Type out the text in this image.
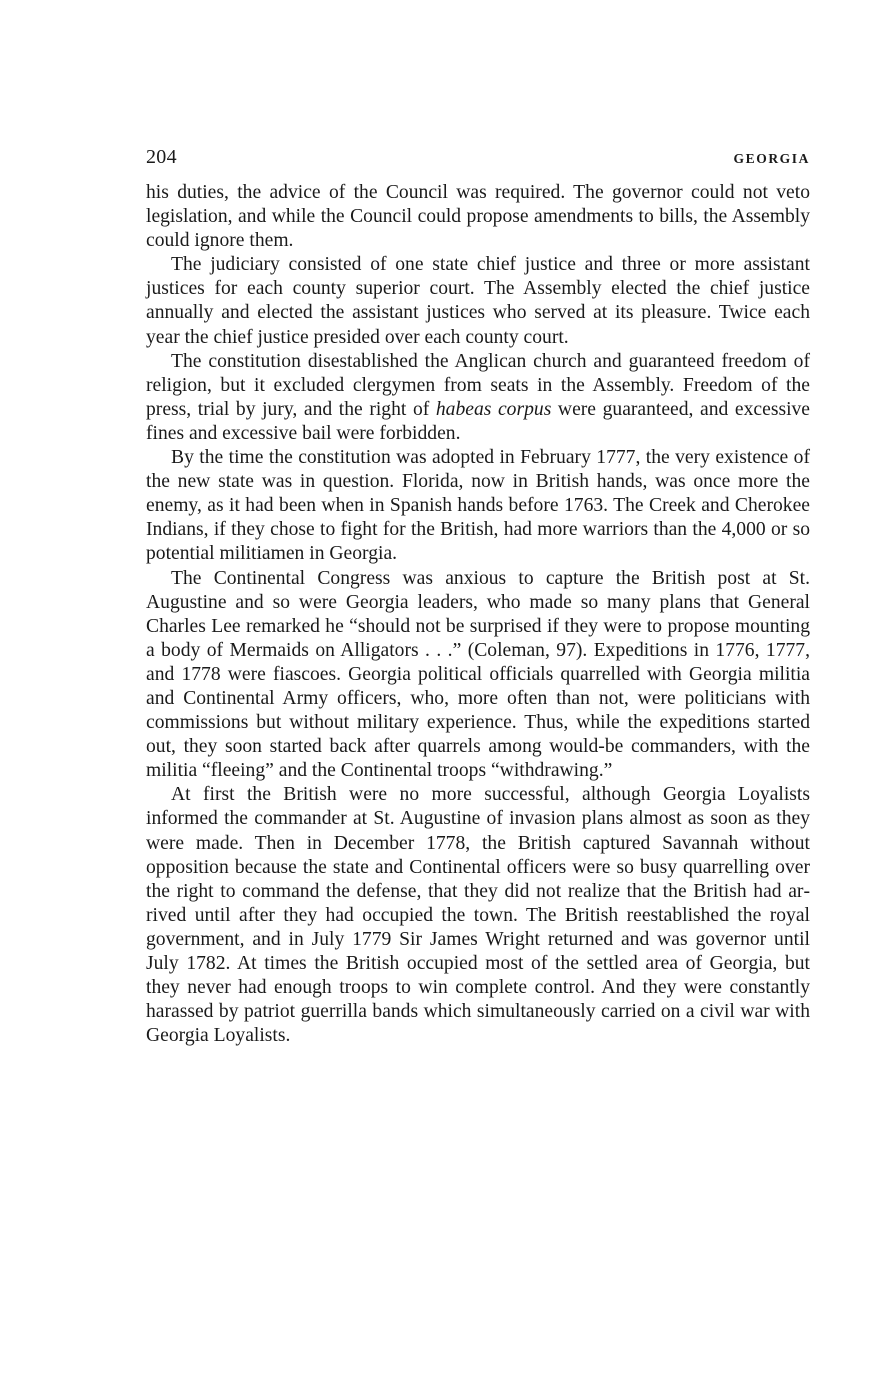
204	GEORGIA

his duties, the advice of the Council was required. The governor could not veto legislation, and while the Council could propose amendments to bills, the Assembly could ignore them.

The judiciary consisted of one state chief justice and three or more assistant justices for each county superior court. The Assembly elected the chief justice annually and elected the assistant justices who served at its pleasure. Twice each year the chief justice presided over each county court.

The constitution disestablished the Anglican church and guaranteed freedom of religion, but it excluded clergymen from seats in the Assembly. Freedom of the press, trial by jury, and the right of habeas corpus were guaranteed, and excessive fines and excessive bail were forbidden.

By the time the constitution was adopted in February 1777, the very existence of the new state was in question. Florida, now in British hands, was once more the enemy, as it had been when in Spanish hands before 1763. The Creek and Cherokee Indians, if they chose to fight for the British, had more warriors than the 4,000 or so potential militiamen in Georgia.

The Continental Congress was anxious to capture the British post at St. Augustine and so were Georgia leaders, who made so many plans that General Charles Lee remarked he “should not be surprised if they were to propose mounting a body of Mermaids on Alligators . . .” (Coleman, 97). Expeditions in 1776, 1777, and 1778 were fiascoes. Georgia political officials quarrelled with Georgia militia and Continental Army officers, who, more often than not, were politicians with commissions but without military experience. Thus, while the expeditions started out, they soon started back after quarrels among would-be commanders, with the militia “fleeing” and the Continental troops “withdrawing.”

At first the British were no more successful, although Georgia Loyalists informed the commander at St. Augustine of invasion plans almost as soon as they were made. Then in December 1778, the British captured Savannah without opposition because the state and Continental officers were so busy quarrelling over the right to command the defense, that they did not realize that the British had arrived until after they had occupied the town. The British reestablished the royal government, and in July 1779 Sir James Wright returned and was governor until July 1782. At times the British occupied most of the settled area of Georgia, but they never had enough troops to win complete control. And they were constantly harassed by patriot guerrilla bands which simultaneously carried on a civil war with Georgia Loyalists.
